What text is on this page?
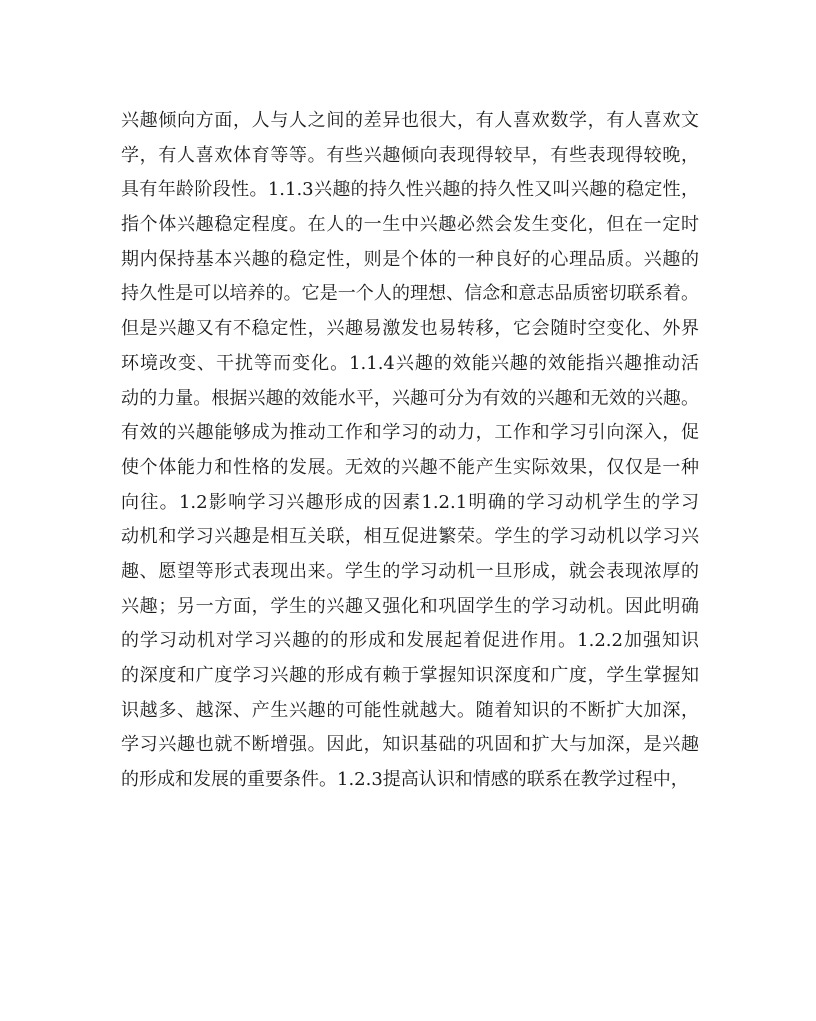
兴趣倾向方面，人与人之间的差异也很大，有人喜欢数学，有人喜欢文
学，有人喜欢体育等等。有些兴趣倾向表现得较早，有些表现得较晚，
具有年龄阶段性。1.1.3兴趣的持久性兴趣的持久性又叫兴趣的稳定性，
指个体兴趣稳定程度。在人的一生中兴趣必然会发生变化，但在一定时
期内保持基本兴趣的稳定性，则是个体的一种良好的心理品质。兴趣的
持久性是可以培养的。它是一个人的理想、信念和意志品质密切联系着。
但是兴趣又有不稳定性，兴趣易激发也易转移，它会随时空变化、外界
环境改变、干扰等而变化。1.1.4兴趣的效能兴趣的效能指兴趣推动活
动的力量。根据兴趣的效能水平，兴趣可分为有效的兴趣和无效的兴趣。
有效的兴趣能够成为推动工作和学习的动力，工作和学习引向深入，促
使个体能力和性格的发展。无效的兴趣不能产生实际效果，仅仅是一种
向往。1.2影响学习兴趣形成的因素1.2.1明确的学习动机学生的学习
动机和学习兴趣是相互关联，相互促进繁荣。学生的学习动机以学习兴
趣、愿望等形式表现出来。学生的学习动机一旦形成，就会表现浓厚的
兴趣；另一方面，学生的兴趣又强化和巩固学生的学习动机。因此明确
的学习动机对学习兴趣的的形成和发展起着促进作用。1.2.2加强知识
的深度和广度学习兴趣的形成有赖于掌握知识深度和广度，学生掌握知
识越多、越深、产生兴趣的可能性就越大。随着知识的不断扩大加深，
学习兴趣也就不断增强。因此，知识基础的巩固和扩大与加深，是兴趣
的形成和发展的重要条件。1.2.3提高认识和情感的联系在教学过程中，
